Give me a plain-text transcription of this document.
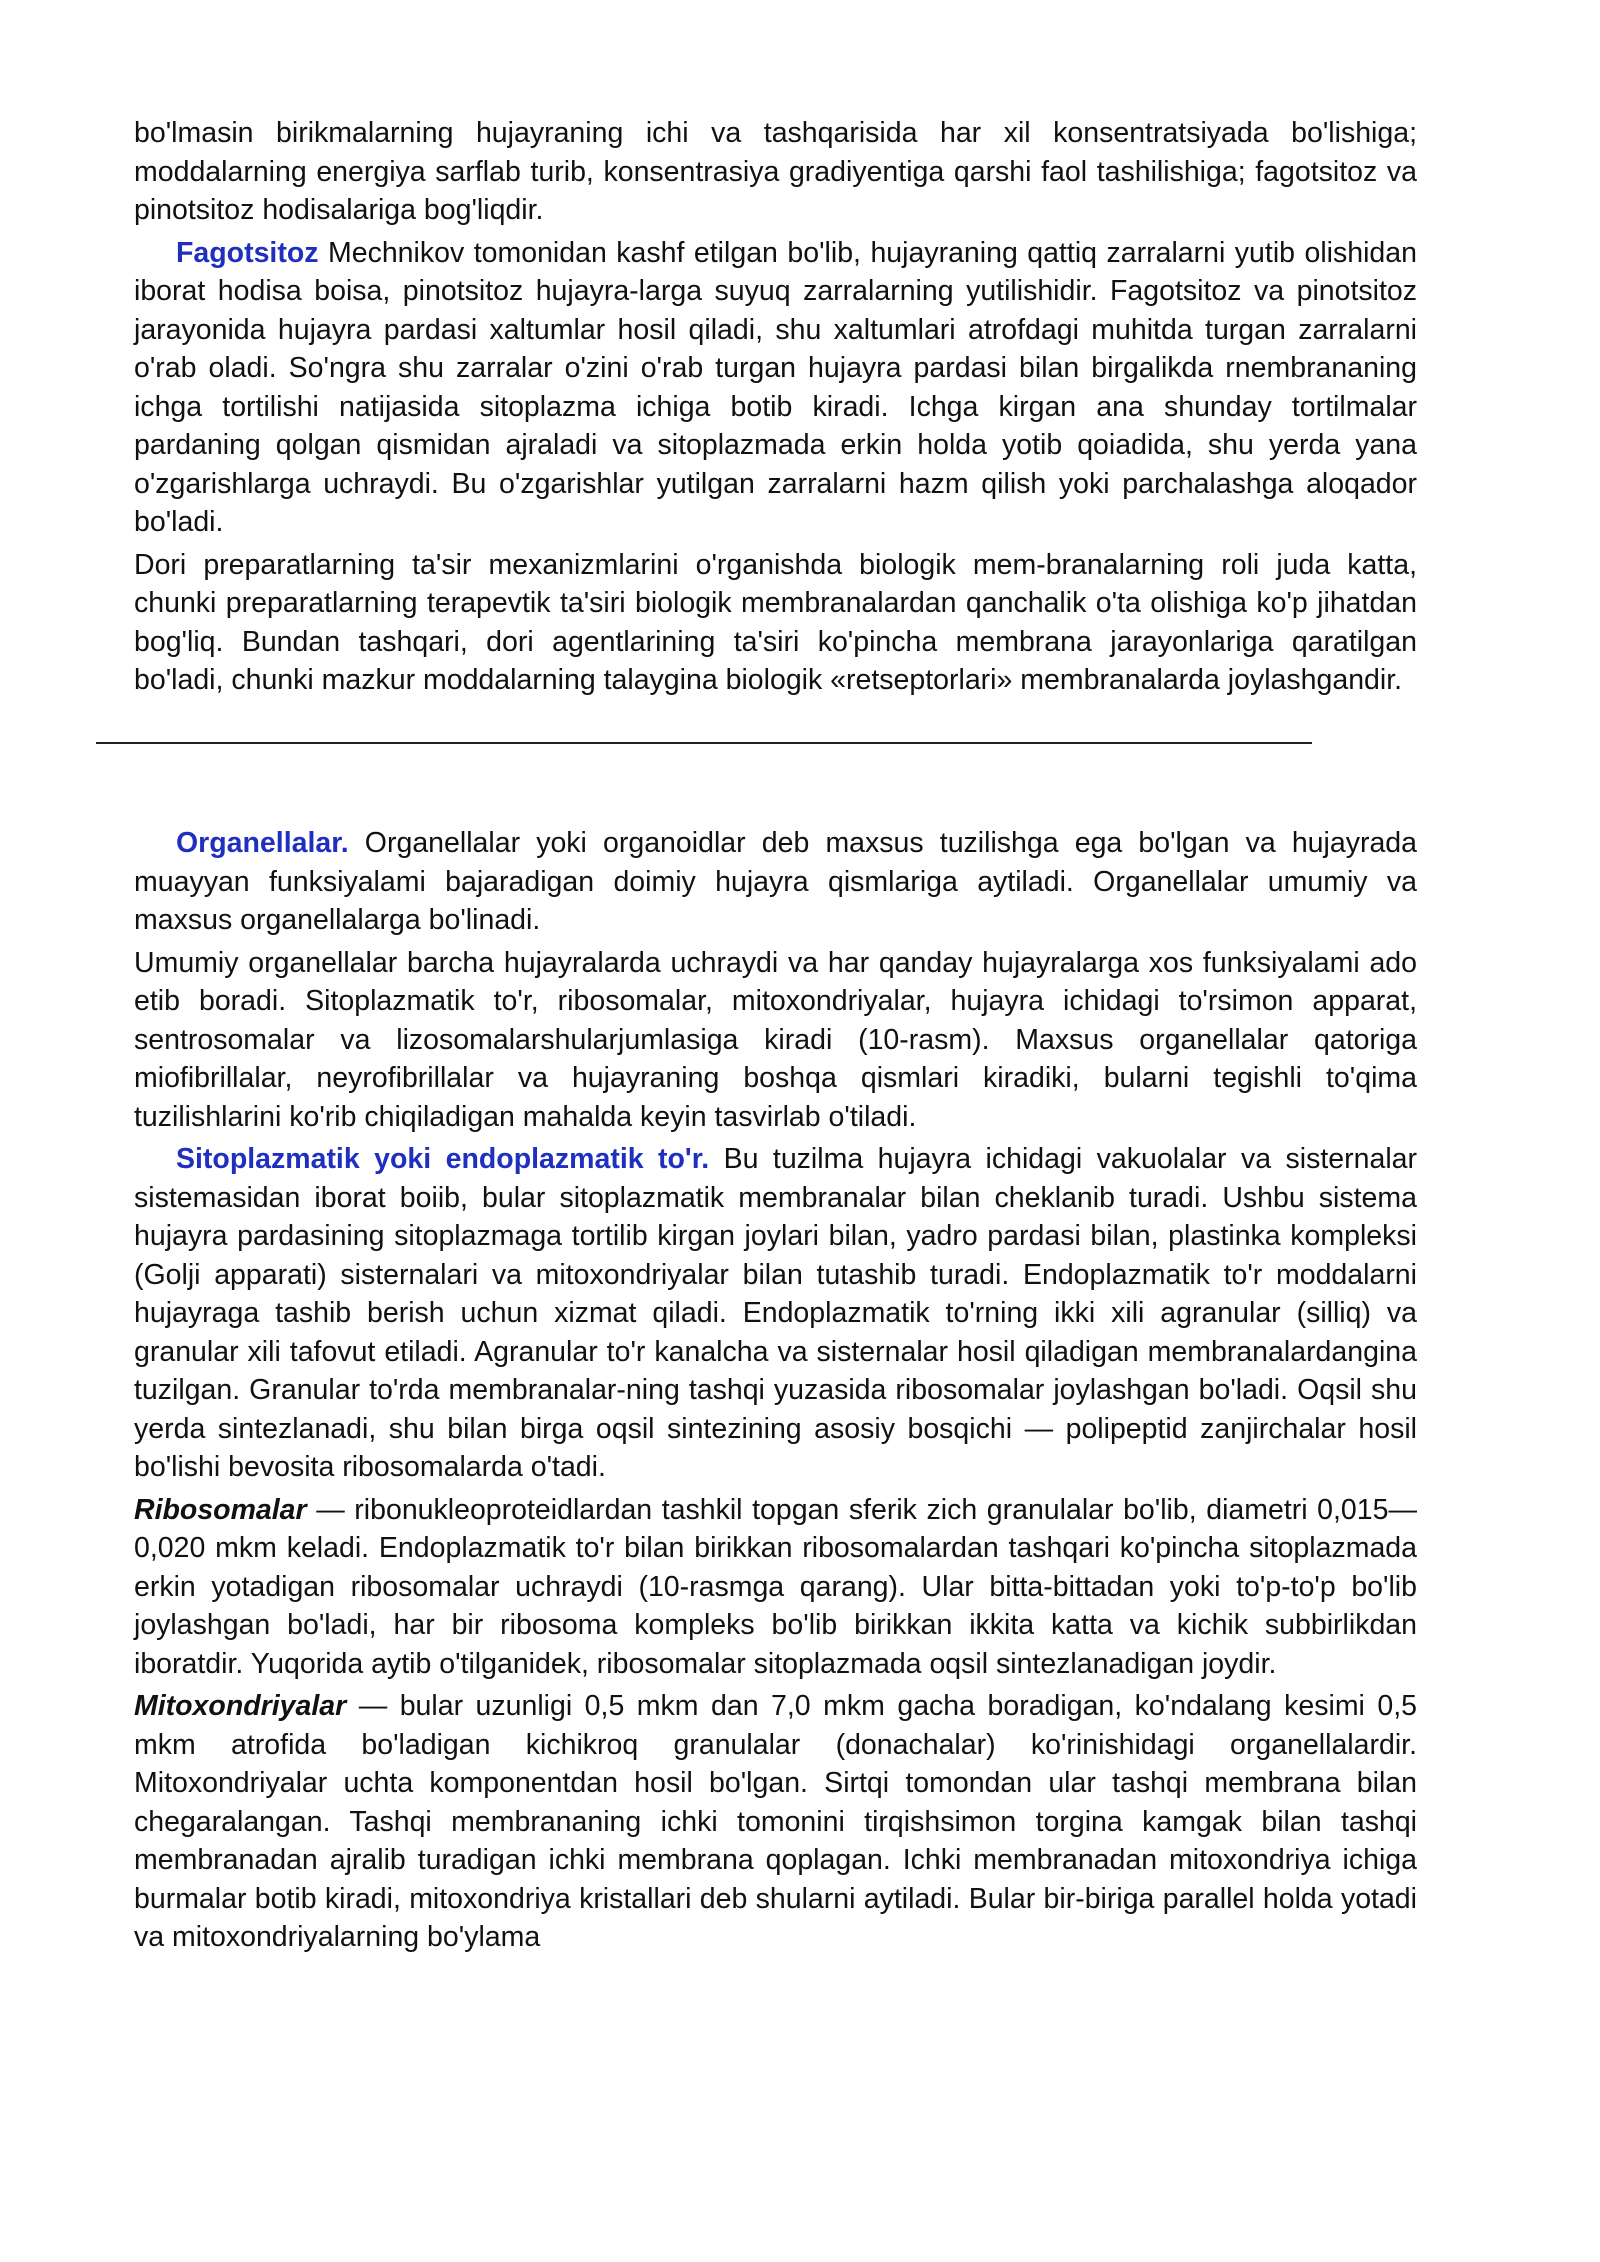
bo'lmasin birikmalarning hujayraning ichi va tashqarisida har xil konsentratsiyada bo'lishiga; moddalarning energiya sarflab turib, konsentrasiya gradiyentiga qarshi faol tashilishiga; fagotsitoz va pinotsitoz hodisalariga bog'liqdir.

Fagotsitoz Mechnikov tomonidan kashf etilgan bo'lib, hujayraning qattiq zarralarni yutib olishidan iborat hodisa boisa, pinotsitoz hujayra-larga suyuq zarralarning yutilishidir. Fagotsitoz va pinotsitoz jarayonida hujayra pardasi xaltumlar hosil qiladi, shu xaltumlari atrofdagi muhitda turgan zarralarni o'rab oladi. So'ngra shu zarralar o'zini o'rab turgan hujayra pardasi bilan birgalikda rnembrananing ichga tortilishi natijasida sitoplazma ichiga botib kiradi. Ichga kirgan ana shunday tortilmalar pardaning qolgan qismidan ajraladi va sitoplazmada erkin holda yotib qoiadida, shu yerda yana o'zgarishlarga uchraydi. Bu o'zgarishlar yutilgan zarralarni hazm qilish yoki parchalashga aloqador bo'ladi.

Dori preparatlarning ta'sir mexanizmlarini o'rganishda biologik mem-branalarning roli juda katta, chunki preparatlarning terapevtik ta'siri biologik membranalardan qanchalik o'ta olishiga ko'p jihatdan bog'liq. Bundan tashqari, dori agentlarining ta'siri ko'pincha membrana jarayonlariga qaratilgan bo'ladi, chunki mazkur moddalarning talaygina biologik «retseptorlari» membranalarda joylashgandir.

Organellalar. Organellalar yoki organoidlar deb maxsus tuzilishga ega bo'lgan va hujayrada muayyan funksiyalami bajaradigan doimiy hujayra qismlariga aytiladi. Organellalar umumiy va maxsus organellalarga bo'linadi.

Umumiy organellalar barcha hujayralarda uchraydi va har qanday hujayralarga xos funksiyalami ado etib boradi. Sitoplazmatik to'r, ribosomalar, mitoxondriyalar, hujayra ichidagi to'rsimon apparat, sentrosomalar va lizosomalarshularjumlasiga kiradi (10-rasm). Maxsus organellalar qatoriga miofibrillalar, neyrofibrillalar va hujayraning boshqa qismlari kiradiki, bularni tegishli to'qima tuzilishlarini ko'rib chiqiladigan mahalda keyin tasvirlab o'tiladi.

Sitoplazmatik yoki endoplazmatik to'r. Bu tuzilma hujayra ichidagi vakuolalar va sisternalar sistemasidan iborat boiib, bular sitoplazmatik membranalar bilan cheklanib turadi. Ushbu sistema hujayra pardasining sitoplazmaga tortilib kirgan joylari bilan, yadro pardasi bilan, plastinka kompleksi (Golji apparati) sisternalari va mitoxondriyalar bilan tutashib turadi. Endoplazmatik to'r moddalarni hujayraga tashib berish uchun xizmat qiladi. Endoplazmatik to'rning ikki xili agranular (silliq) va granular xili tafovut etiladi. Agranular to'r kanalcha va sisternalar hosil qiladigan membranalardangina tuzilgan. Granular to'rda membranalar-ning tashqi yuzasida ribosomalar joylashgan bo'ladi. Oqsil shu yerda sintezlanadi, shu bilan birga oqsil sintezining asosiy bosqichi — polipeptid zanjirchalar hosil bo'lishi bevosita ribosomalarda o'tadi.

Ribosomalar — ribonukleoproteidlardan tashkil topgan sferik zich granulalar bo'lib, diametri 0,015—0,020 mkm keladi. Endoplazmatik to'r bilan birikkan ribosomalardan tashqari ko'pincha sitoplazmada erkin yotadigan ribosomalar uchraydi (10-rasmga qarang). Ular bitta-bittadan yoki to'p-to'p bo'lib joylashgan bo'ladi, har bir ribosoma kompleks bo'lib birikkan ikkita katta va kichik subbirlikdan iboratdir. Yuqorida aytib o'tilganidek, ribosomalar sitoplazmada oqsil sintezlanadigan joydir.

Mitoxondriyalar — bular uzunligi 0,5 mkm dan 7,0 mkm gacha boradigan, ko'ndalang kesimi 0,5 mkm atrofida bo'ladigan kichikroq granulalar (donachalar) ko'rinishidagi organellalardir. Mitoxondriyalar uchta komponentdan hosil bo'lgan. Sirtqi tomondan ular tashqi membrana bilan chegaralangan. Tashqi membrananing ichki tomonini tirqishsimon torgina kamgak bilan tashqi membranadan ajralib turadigan ichki membrana qoplagan. Ichki membranadan mitoxondriya ichiga burmalar botib kiradi, mitoxondriya kristallari deb shularni aytiladi. Bular bir-biriga parallel holda yotadi va mitoxondriyalarning bo'ylama
